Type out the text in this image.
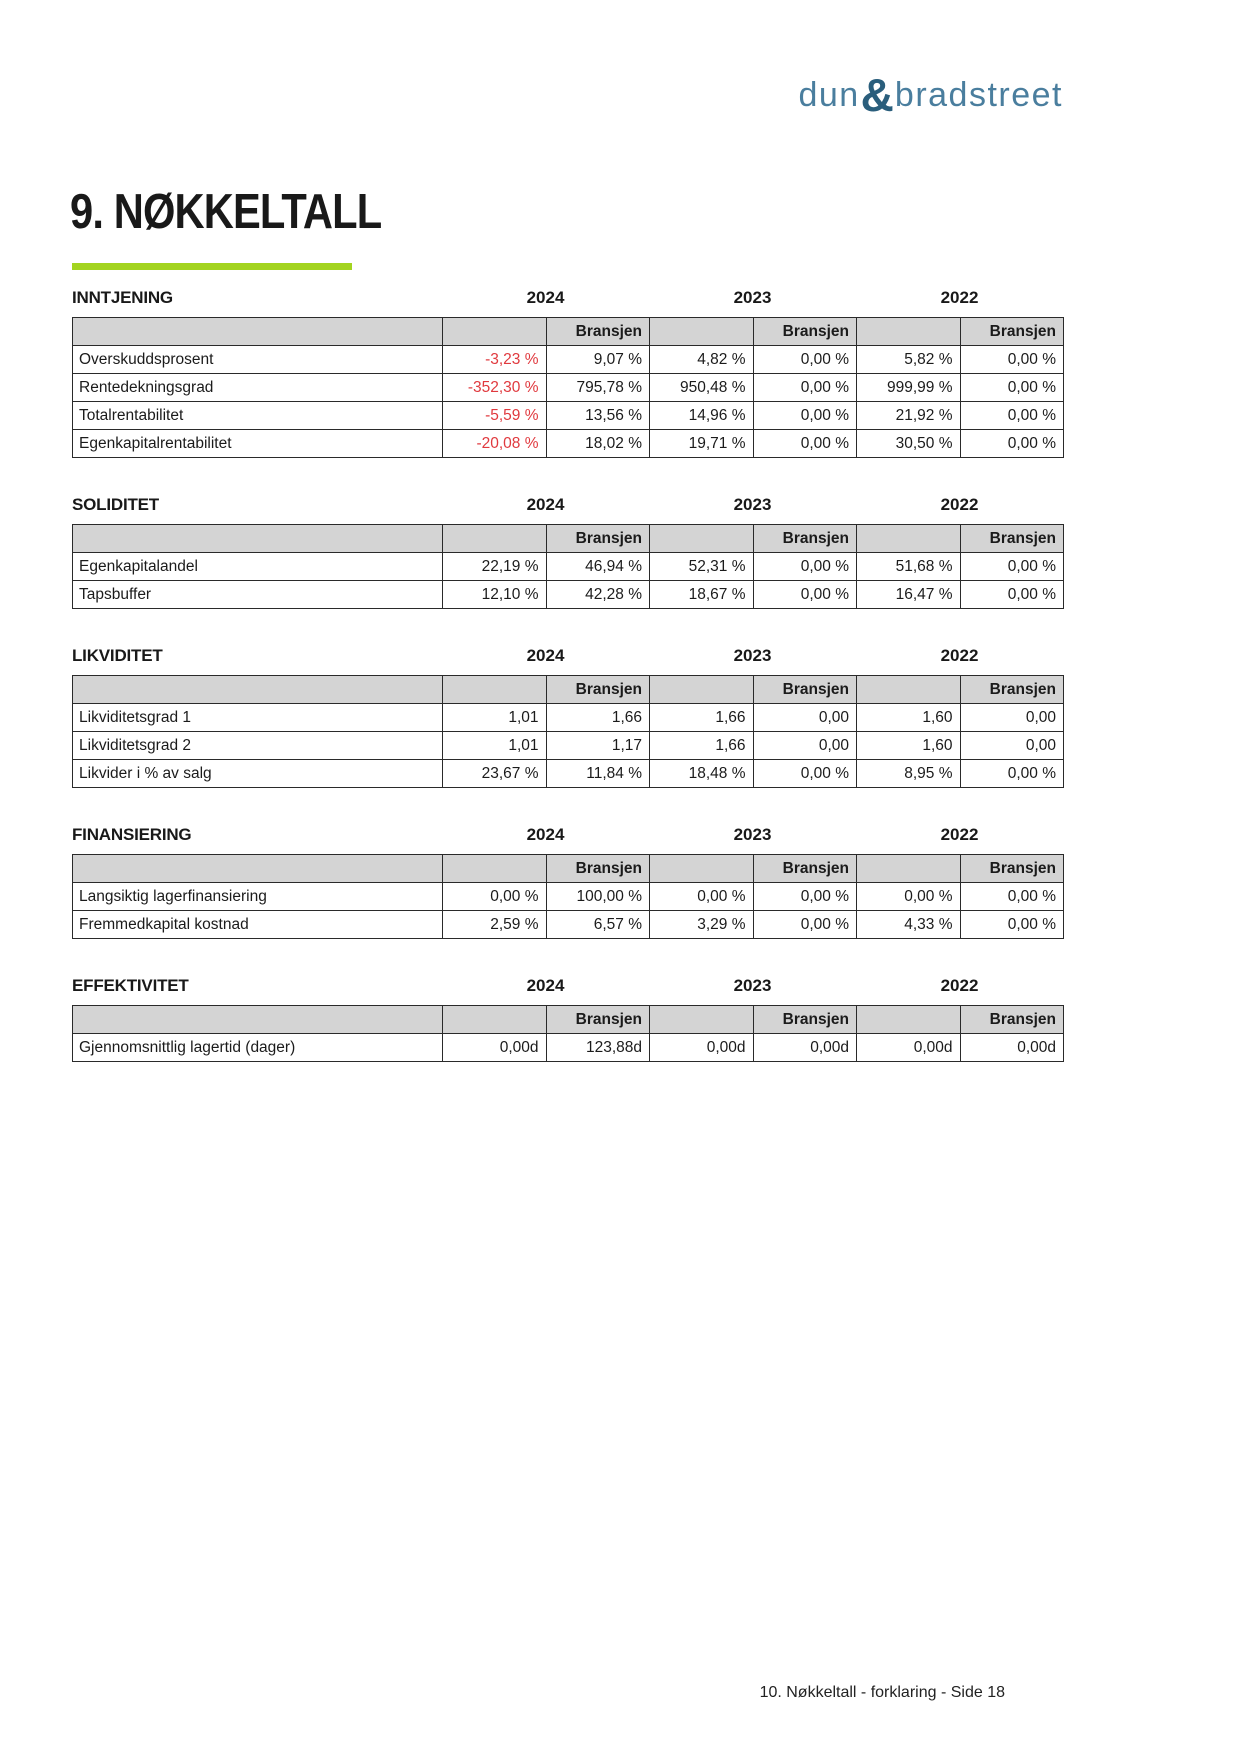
dun&bradstreet
9. NØKKELTALL
INNTJENING	2024	2023	2022
		Bransjen		Bransjen		Bransjen
Overskuddsprosent	-3,23 %	9,07 %	4,82 %	0,00 %	5,82 %	0,00 %
Rentedekningsgrad	-352,30 %	795,78 %	950,48 %	0,00 %	999,99 %	0,00 %
Totalrentabilitet	-5,59 %	13,56 %	14,96 %	0,00 %	21,92 %	0,00 %
Egenkapitalrentabilitet	-20,08 %	18,02 %	19,71 %	0,00 %	30,50 %	0,00 %
SOLIDITET	2024	2023	2022
		Bransjen		Bransjen		Bransjen
Egenkapitalandel	22,19 %	46,94 %	52,31 %	0,00 %	51,68 %	0,00 %
Tapsbuffer	12,10 %	42,28 %	18,67 %	0,00 %	16,47 %	0,00 %
LIKVIDITET	2024	2023	2022
		Bransjen		Bransjen		Bransjen
Likviditetsgrad 1	1,01	1,66	1,66	0,00	1,60	0,00
Likviditetsgrad 2	1,01	1,17	1,66	0,00	1,60	0,00
Likvider i % av salg	23,67 %	11,84 %	18,48 %	0,00 %	8,95 %	0,00 %
FINANSIERING	2024	2023	2022
		Bransjen		Bransjen		Bransjen
Langsiktig lagerfinansiering	0,00 %	100,00 %	0,00 %	0,00 %	0,00 %	0,00 %
Fremmedkapital kostnad	2,59 %	6,57 %	3,29 %	0,00 %	4,33 %	0,00 %
EFFEKTIVITET	2024	2023	2022
		Bransjen		Bransjen		Bransjen
Gjennomsnittlig lagertid (dager)	0,00d	123,88d	0,00d	0,00d	0,00d	0,00d
10. Nøkkeltall - forklaring - Side 18
